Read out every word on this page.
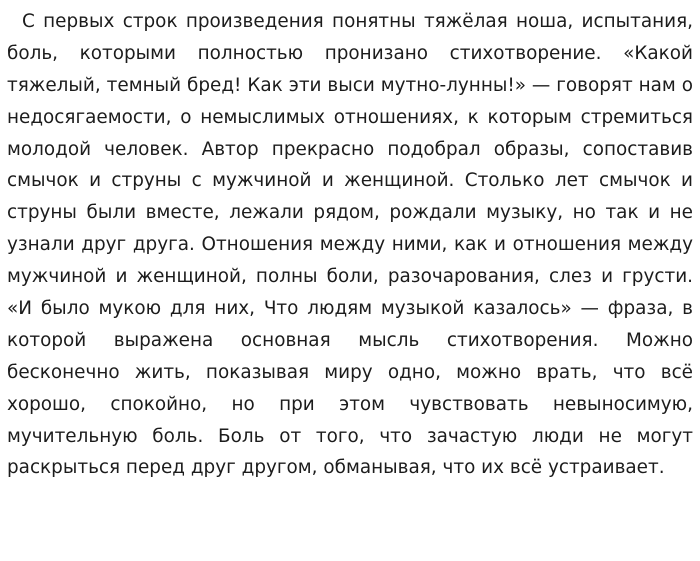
С первых строк произведения понятны тяжёлая ноша, испытания,
боль, которыми полностью пронизано стихотворение. «Какой
тяжелый, темный бред! Как эти выси мутно-лунны!» — говорят нам о
недосягаемости, о немыслимых отношениях, к которым стремиться
молодой человек. Автор прекрасно подобрал образы, сопоставив
смычок и струны с мужчиной и женщиной. Столько лет смычок и
струны были вместе, лежали рядом, рождали музыку, но так и не
узнали друг друга. Отношения между ними, как и отношения между
мужчиной и женщиной, полны боли, разочарования, слез и грусти.
«И было мукою для них, Что людям музыкой казалось» — фраза, в
которой выражена основная мысль стихотворения. Можно
бесконечно жить, показывая миру одно, можно врать, что всё
хорошо, спокойно, но при этом чувствовать невыносимую,
мучительную боль. Боль от того, что зачастую люди не могут
раскрыться перед друг другом, обманывая, что их всё устраивает.
